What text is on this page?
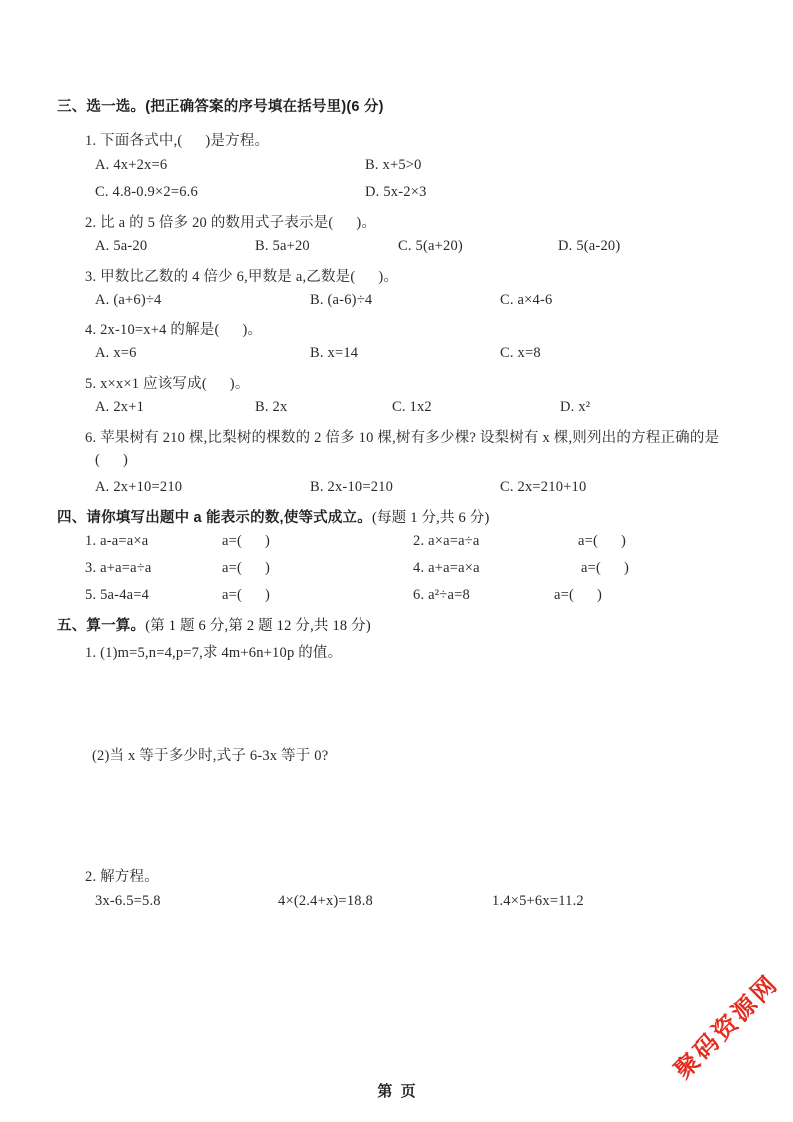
三、选一选。(把正确答案的序号填在括号里)(6 分)
1. 下面各式中,(      )是方程。
A. 4x+2x=6	B. x+5>0
C. 4.8-0.9×2=6.6	D. 5x-2×3
2. 比 a 的 5 倍多 20 的数用式子表示是(      )。
A. 5a-20	B. 5a+20	C. 5(a+20)	D. 5(a-20)
3. 甲数比乙数的 4 倍少 6,甲数是 a,乙数是(      )。
A. (a+6)÷4	B. (a-6)÷4	C. a×4-6
4. 2x-10=x+4 的解是(      )。
A. x=6	B. x=14	C. x=8
5. x×x×1 应该写成(      )。
A. 2x+1	B. 2x	C. 1x2	D. x²
6. 苹果树有 210 棵,比梨树的棵数的 2 倍多 10 棵,树有多少棵? 设梨树有 x 棵,则列出的方程正确的是
(      )
A. 2x+10=210	B. 2x-10=210	C. 2x=210+10
四、请你填写出题中 a 能表示的数,使等式成立。 (每题 1 分,共 6 分)
1. a-a=a×a	a=(      )	2. a×a=a÷a	a=(      )
3. a+a=a÷a	a=(      )	4. a+a=a×a	a=(      )
5. 5a-4a=4	a=(      )	6. a²÷a=8	a=(      )
五、算一算。 (第 1 题 6 分,第 2 题 12 分,共 18 分)
1. (1)m=5,n=4,p=7,求 4m+6n+10p 的值。
(2)当 x 等于多少时,式子 6-3x 等于 0?
2. 解方程。
3x-6.5=5.8	4×(2.4+x)=18.8	1.4×5+6x=11.2
第  页
聚码资源网
